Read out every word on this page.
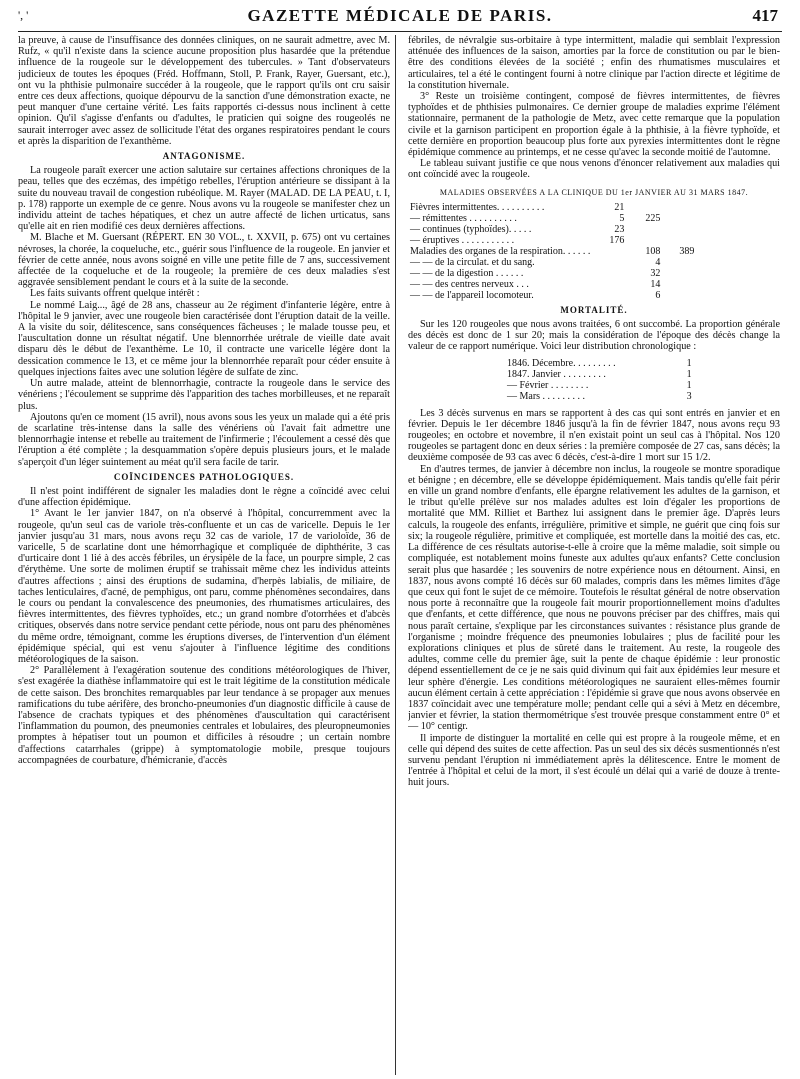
', '	GAZETTE MÉDICALE DE PARIS.	417

la preuve, à cause de l'insuffisance des données cliniques, on ne saurait admettre, avec M. Rufz, « qu'il n'existe dans la science aucune proposition plus hasardée que la prétendue influence de la rougeole sur le développement des tubercules. » Tant d'observateurs judicieux de toutes les époques (Fréd. Hoffmann, Stoll, P. Frank, Rayer, Guersant, etc.), ont vu la phthisie pulmonaire succéder à la rougeole, que le rapport qu'ils ont cru saisir entre ces deux affections, quoique dépourvu de la sanction d'une démonstration exacte, ne peut manquer d'une certaine vérité. Les faits rapportés ci-dessus nous inclinent à cette opinion. Qu'il s'agisse d'enfants ou d'adultes, le praticien qui soigne des rougeolés ne saurait interroger avec assez de sollicitude l'état des organes respiratoires pendant le cours et après la disparition de l'exanthème.

ANTAGONISME.

La rougeole paraît exercer une action salutaire sur certaines affections chroniques de la peau, telles que des eczémas, des impétigo rebelles, l'éruption antérieure se dissipant à la suite du nouveau travail de congestion rubéolique. M. Rayer (MALAD. DE LA PEAU, t. I, p. 178) rapporte un exemple de ce genre. Nous avons vu la rougeole se manifester chez un individu atteint de taches hépatiques, et chez un autre affecté de lichen urticatus, sans qu'elle ait en rien modifié ces deux dernières affections.

M. Blache et M. Guersant (RÉPERT. EN 30 VOL., t. XXVII, p. 675) ont vu certaines névroses, la chorée, la coqueluche, etc., guérir sous l'influence de la rougeole. En janvier et février de cette année, nous avons soigné en ville une petite fille de 7 ans, successivement affectée de la coqueluche et de la rougeole; la première de ces deux maladies s'est aggravée sensiblement pendant le cours et à la suite de la seconde.

Les faits suivants offrent quelque intérêt :

Le nommé Laig..., âgé de 28 ans, chasseur au 2e régiment d'infanterie légère, entre à l'hôpital le 9 janvier, avec une rougeole bien caractérisée dont l'éruption datait de la veille. A la visite du soir, délitescence, sans conséquences fâcheuses ; le malade tousse peu, et l'auscultation donne un résultat négatif. Une blennorrhée urétrale de vieille date avait disparu dès le début de l'exanthème. Le 10, il contracte une varicelle légère dont la dessication commence le 13, et ce même jour la blennorrhée reparaît pour céder ensuite à quelques injections faites avec une solution légère de sulfate de zinc.

Un autre malade, atteint de blennorrhagie, contracte la rougeole dans le service des vénériens ; l'écoulement se supprime dès l'apparition des taches morbilleuses, et ne reparaît plus.

Ajoutons qu'en ce moment (15 avril), nous avons sous les yeux un malade qui a été pris de scarlatine très-intense dans la salle des vénériens où l'avait fait admettre une blennorrhagie intense et rebelle au traitement de l'infirmerie ; l'écoulement a cessé dès que l'éruption a été complète ; la desquammation s'opère depuis plusieurs jours, et le malade s'aperçoit d'un léger suintement au méat qu'il sera facile de tarir.

COÏNCIDENCES PATHOLOGIQUES.

Il n'est point indifférent de signaler les maladies dont le règne a coïncidé avec celui d'une affection épidémique.

1° Avant le 1er janvier 1847, on n'a observé à l'hôpital, concurremment avec la rougeole, qu'un seul cas de variole très-confluente et un cas de varicelle. Depuis le 1er janvier jusqu'au 31 mars, nous avons reçu 32 cas de variole, 17 de varioloïde, 36 de varicelle, 5 de scarlatine dont une hémorrhagique et compliquée de diphthérite, 3 cas d'urticaire dont 1 lié à des accès fébriles, un érysipèle de la face, un pourpre simple, 2 cas d'érythème. Une sorte de molimen éruptif se trahissait même chez les individus atteints d'autres affections ; ainsi des éruptions de sudamina, d'herpès labialis, de miliaire, de taches lenticulaires, d'acné, de pemphigus, ont paru, comme phénomènes secondaires, dans le cours ou pendant la convalescence des pneumonies, des rhumatismes articulaires, des fièvres intermittentes, des fièvres typhoïdes, etc.; un grand nombre d'otorrhées et d'abcès critiques, observés dans notre service pendant cette période, nous ont paru des phénomènes du même ordre, témoignant, comme les éruptions diverses, de l'intervention d'un élément épidémique spécial, qui est venu s'ajouter à l'influence légitime des conditions météorologiques de la saison.

2° Parallèlement à l'exagération soutenue des conditions météorologiques de l'hiver, s'est exagérée la diathèse inflammatoire qui est le trait légitime de la constitution médicale de cette saison. Des bronchites remarquables par leur tendance à se propager aux menues ramifications du tube aérifère, des broncho-pneumonies d'un diagnostic difficile à cause de l'absence de crachats typiques et des phénomènes d'auscultation qui caractérisent l'inflammation du poumon, des pneumonies centrales et lobulaires, des pleuropneumonies promptes à hépatiser tout un poumon et difficiles à résoudre ; un certain nombre d'affections catarrhales (grippe) à symptomatologie mobile, presque toujours accompagnées de courbature, d'hémicranie, d'accès

fébriles, de névralgie sus-orbitaire à type intermittent, maladie qui semblait l'expression atténuée des influences de la saison, amorties par la force de constitution ou par le bien-être des conditions élevées de la société ; enfin des rhumatismes musculaires et articulaires, tel a été le contingent fourni à notre clinique par l'action directe et légitime de la constitution hivernale.

3° Reste un troisième contingent, composé de fièvres intermittentes, de fièvres typhoïdes et de phthisies pulmonaires. Ce dernier groupe de maladies exprime l'élément stationnaire, permanent de la pathologie de Metz, avec cette remarque que la population civile et la garnison participent en proportion égale à la phthisie, à la fièvre typhoïde, et cette dernière en proportion beaucoup plus forte aux pyrexies intermittentes dont le règne épidémique commence au printemps, et ne cesse qu'avec la seconde moitié de l'automne.

Le tableau suivant justifie ce que nous venons d'énoncer relativement aux maladies qui ont coïncidé avec la rougeole.

MALADIES OBSERVÉES A LA CLINIQUE DU 1er JANVIER AU 31 MARS 1847.
Fièvres intermittentes. . . . . . . . . .	21		
— rémittentes . . . . . . . . . .	5	225	
— continues (typhoïdes). . . . .	23		
— éruptives . . . . . . . . . . .	176		
Maladies des organes de la respiration. . . . . .		108	389
— — de la circulat. et du sang.		4	
— — de la digestion . . . . . .		32	
— — des centres nerveux . . .		14	
— — de l'appareil locomoteur.		6	
MORTALITÉ.

Sur les 120 rougeoles que nous avons traitées, 6 ont succombé. La proportion générale des décès est donc de 1 sur 20; mais la considération de l'époque des décès change la valeur de ce rapport numérique. Voici leur distribution chronologique :

1846. Décembre. . . . . . . . .	1
1847. Janvier . . . . . . . . .	1
— Février . . . . . . . .	1
— Mars . . . . . . . . .	3

Les 3 décès survenus en mars se rapportent à des cas qui sont entrés en janvier et en février. Depuis le 1er décembre 1846 jusqu'à la fin de février 1847, nous avons reçu 93 rougeoles; en octobre et novembre, il n'en existait point un seul cas à l'hôpital. Nos 120 rougeoles se partagent donc en deux séries : la première composée de 27 cas, sans décès; la deuxième composée de 93 cas avec 6 décès, c'est-à-dire 1 mort sur 15 1/2.

En d'autres termes, de janvier à décembre non inclus, la rougeole se montre sporadique et bénigne ; en décembre, elle se développe épidémiquement. Mais tandis qu'elle fait périr en ville un grand nombre d'enfants, elle épargne relativement les adultes de la garnison, et le tribut qu'elle prélève sur nos malades adultes est loin d'égaler les proportions de mortalité que MM. Rilliet et Barthez lui assignent dans le premier âge. D'après leurs calculs, la rougeole des enfants, irrégulière, primitive et simple, ne guérit que cinq fois sur six; la rougeole régulière, primitive et compliquée, est mortelle dans la moitié des cas, etc. La différence de ces résultats autorise-t-elle à croire que la même maladie, soit simple ou compliquée, est notablement moins funeste aux adultes qu'aux enfants? Cette conclusion serait plus que hasardée ; les souvenirs de notre expérience nous en détournent. Ainsi, en 1837, nous avons compté 16 décès sur 60 malades, compris dans les mêmes limites d'âge que ceux qui font le sujet de ce mémoire. Toutefois le résultat général de notre observation nous porte à reconnaître que la rougeole fait mourir proportionnellement moins d'adultes que d'enfants, et cette différence, que nous ne pouvons préciser par des chiffres, mais qui nous paraît certaine, s'explique par les circonstances suivantes : résistance plus grande de l'organisme ; moindre fréquence des pneumonies lobulaires ; plus de facilité pour les explorations cliniques et plus de sûreté dans le traitement. Au reste, la rougeole des adultes, comme celle du premier âge, suit la pente de chaque épidémie : leur pronostic dépend essentiellement de ce je ne sais quid divinum qui fait aux épidémies leur mesure et leur sphère d'énergie. Les conditions météorologiques ne sauraient elles-mêmes fournir aucun élément certain à cette appréciation : l'épidémie si grave que nous avons observée en 1837 coïncidait avec une température molle; pendant celle qui a sévi à Metz en décembre, janvier et février, la station thermométrique s'est trouvée presque constamment entre 0° et — 10° centigr.

Il importe de distinguer la mortalité en celle qui est propre à la rougeole même, et en celle qui dépend des suites de cette affection. Pas un seul des six décès susmentionnés n'est survenu pendant l'éruption ni immédiatement après la délitescence. Entre le moment de l'entrée à l'hôpital et celui de la mort, il s'est écoulé un délai qui a varié de douze à trente-huit jours.
